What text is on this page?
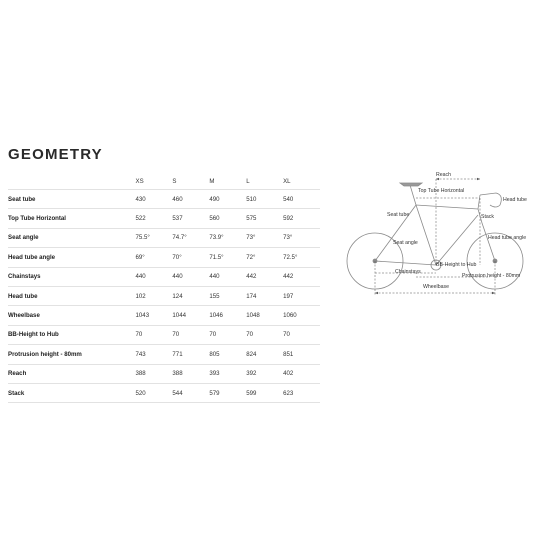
GEOMETRY
	XS	S	M	L	XL
Seat tube	430	460	490	510	540
Top Tube Horizontal	522	537	560	575	592
Seat angle	75.5°	74.7°	73.9°	73°	73°
Head tube angle	69°	70°	71.5°	72°	72.5°
Chainstays	440	440	440	442	442
Head tube	102	124	155	174	197
Wheelbase	1043	1044	1046	1048	1060
BB-Height to Hub	70	70	70	70	70
Protrusion height - 80mm	743	771	805	824	851
Reach	388	388	393	392	402
Stack	520	544	579	599	623
Reach
Top Tube Horizontal
Head tube
Stack
Seat tube
Head tube angle
Seat angle
BB-Height to Hub
Chainstays
Protrusion height - 80mm
Wheelbase
